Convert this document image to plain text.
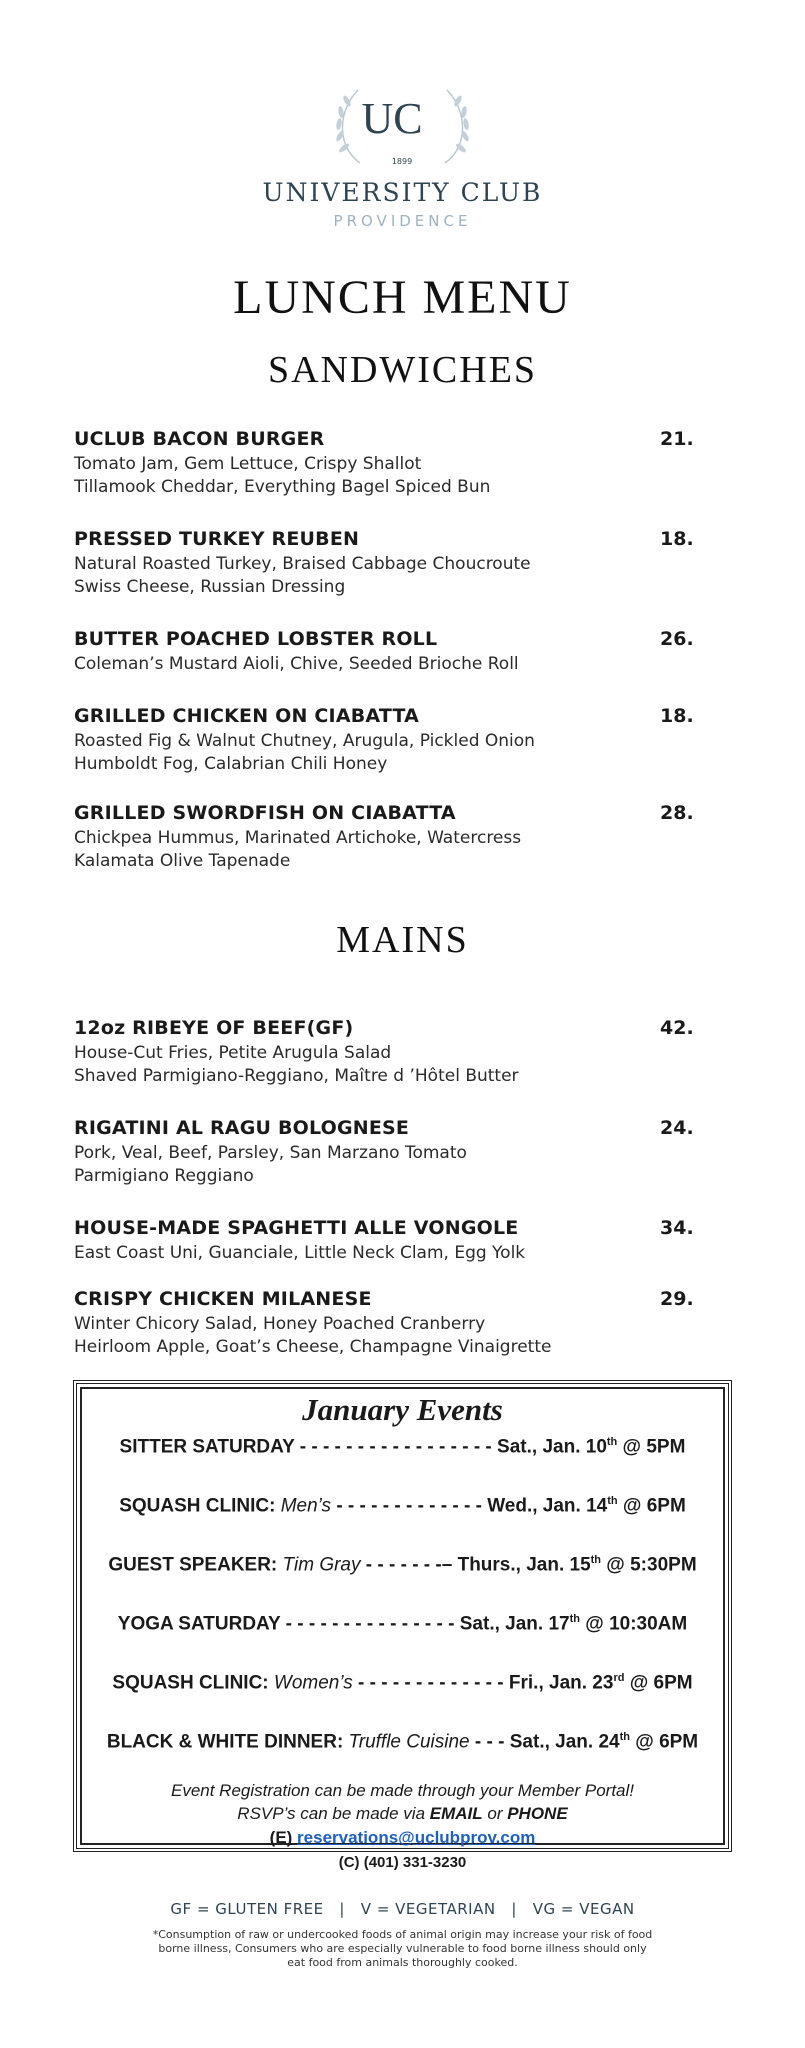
UC
1899
UNIVERSITY CLUB
PROVIDENCE
LUNCH MENU
SANDWICHES
UCLUB BACON BURGER	21.
Tomato Jam, Gem Lettuce, Crispy Shallot
Tillamook Cheddar, Everything Bagel Spiced Bun
PRESSED TURKEY REUBEN	18.
Natural Roasted Turkey, Braised Cabbage Choucroute
Swiss Cheese, Russian Dressing
BUTTER POACHED LOBSTER ROLL	26.
Coleman’s Mustard Aioli, Chive, Seeded Brioche Roll
GRILLED CHICKEN ON CIABATTA	18.
Roasted Fig & Walnut Chutney, Arugula, Pickled Onion
Humboldt Fog, Calabrian Chili Honey
GRILLED SWORDFISH ON CIABATTA	28.
Chickpea Hummus, Marinated Artichoke, Watercress
Kalamata Olive Tapenade
MAINS
12oz RIBEYE OF BEEF(GF)	42.
House-Cut Fries, Petite Arugula Salad
Shaved Parmigiano-Reggiano, Maître d ’Hôtel Butter
RIGATINI AL RAGU BOLOGNESE	24.
Pork, Veal, Beef, Parsley, San Marzano Tomato
Parmigiano Reggiano
HOUSE-MADE SPAGHETTI ALLE VONGOLE	34.
East Coast Uni, Guanciale, Little Neck Clam, Egg Yolk
CRISPY CHICKEN MILANESE	29.
Winter Chicory Salad, Honey Poached Cranberry
Heirloom Apple, Goat’s Cheese, Champagne Vinaigrette
January Events
SITTER SATURDAY - - - - - - - - - - - - - - - - - Sat., Jan. 10th @ 5PM
SQUASH CLINIC: Men’s - - - - - - - - - - - - - Wed., Jan. 14th @ 6PM
GUEST SPEAKER: Tim Gray - - - - - - -– Thurs., Jan. 15th @ 5:30PM
YOGA SATURDAY - - - - - - - - - - - - - - - Sat., Jan. 17th @ 10:30AM
SQUASH CLINIC: Women’s - - - - - - - - - - - - - Fri., Jan. 23rd @ 6PM
BLACK & WHITE DINNER: Truffle Cuisine - - - Sat., Jan. 24th @ 6PM
Event Registration can be made through your Member Portal!
RSVP’s can be made via EMAIL or PHONE
(E) reservations@uclubprov.com
(C) (401) 331-3230
GF = GLUTEN FREE   |   V = VEGETARIAN   |   VG = VEGAN
*Consumption of raw or undercooked foods of animal origin may increase your risk of food borne illness, Consumers who are especially vulnerable to food borne illness should only eat food from animals thoroughly cooked.
